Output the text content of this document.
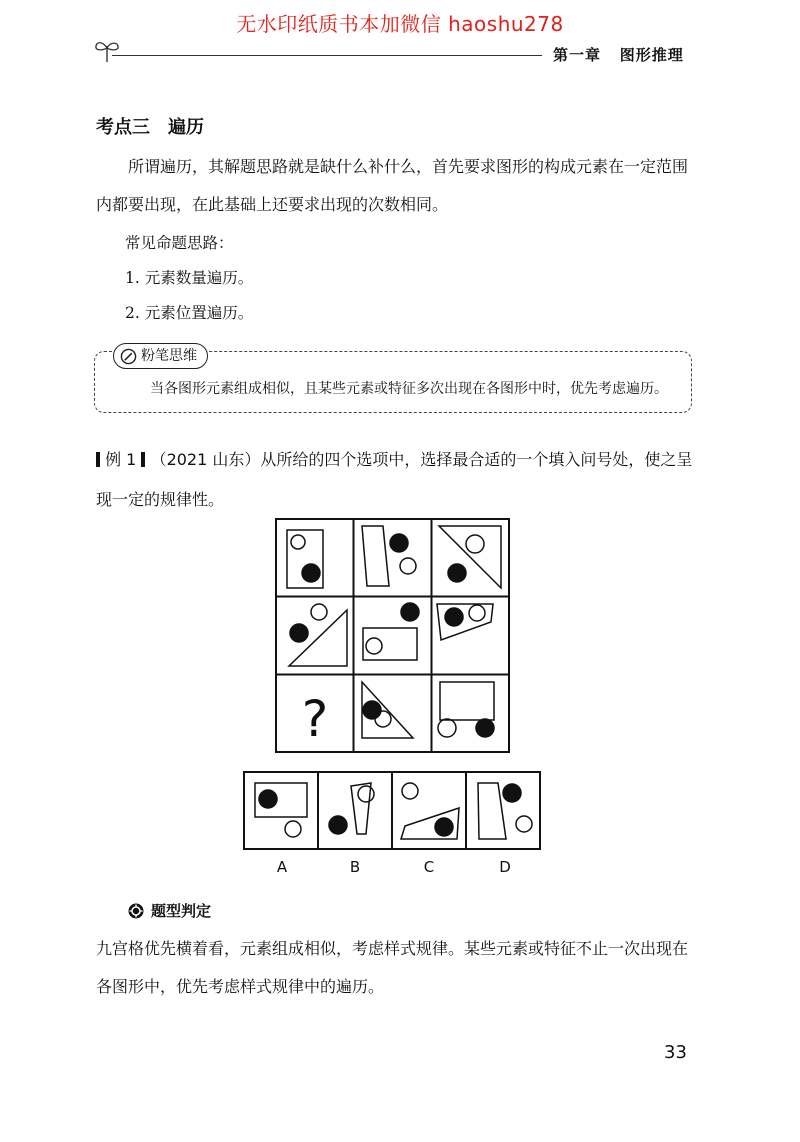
无水印纸质书本加微信 haoshu278
第一章 图形推理
考点三　遍历
所谓遍历，其解题思路就是缺什么补什么，首先要求图形的构成元素在一定范围内都要出现，在此基础上还要求出现的次数相同。
常见命题思路：
1. 元素数量遍历。
2. 元素位置遍历。
粉笔思维
当各图形元素组成相似，且某些元素或特征多次出现在各图形中时，优先考虑遍历。
例 1 （2021 山东）从所给的四个选项中，选择最合适的一个填入问号处，使之呈现一定的规律性。
?
A	B	C	D
题型判定
九宫格优先横着看，元素组成相似，考虑样式规律。某些元素或特征不止一次出现在各图形中，优先考虑样式规律中的遍历。
33
